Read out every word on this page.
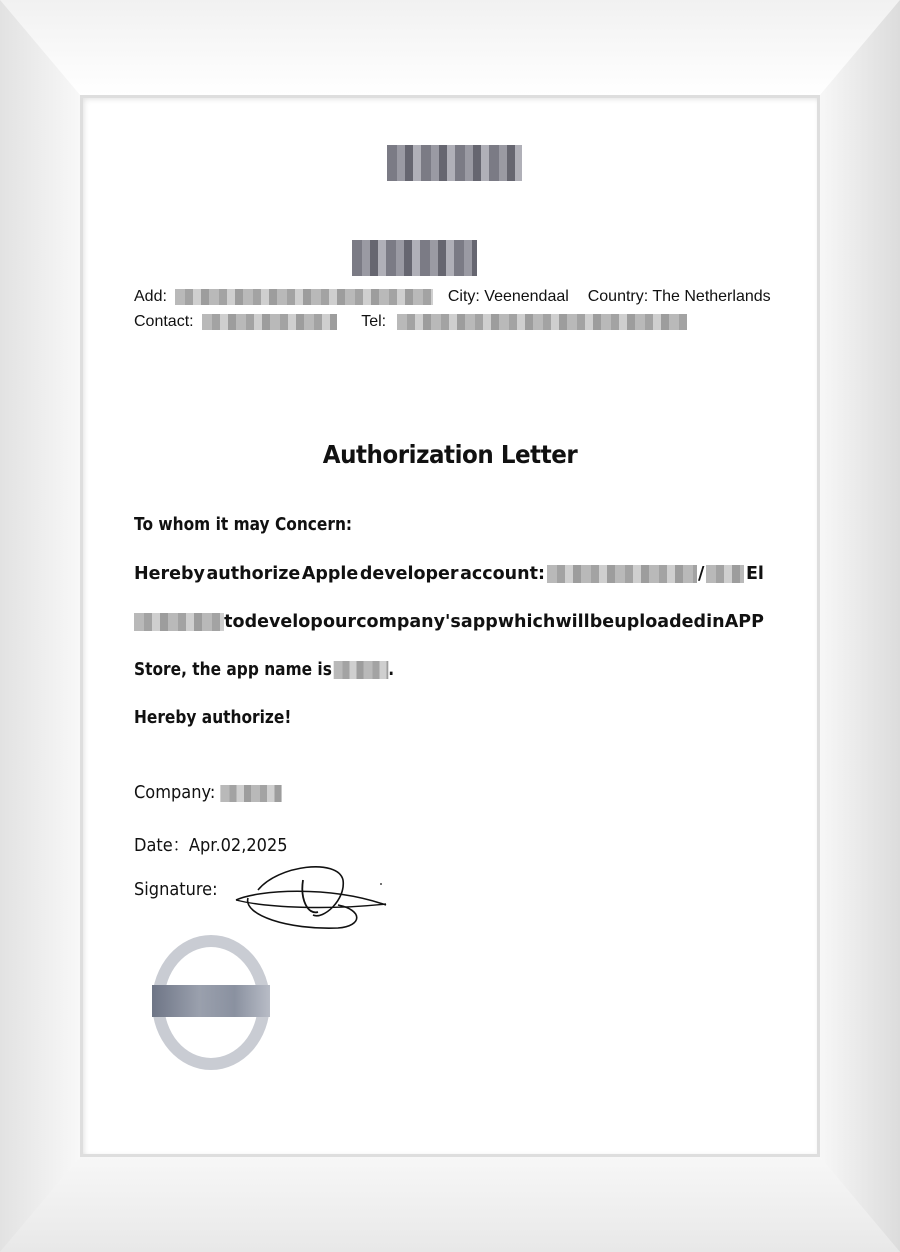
Add:	City: Veenendaal Country: The Netherlands
Contact:	Tel:
Authorization Letter
To whom it may Concern:
Hereby authorize Apple developer account:	/ El
to develop our company's app which will be uploaded in APP
Store, the app name is	.
Hereby authorize!
Company:
Date：Apr.02,2025
Signature:
